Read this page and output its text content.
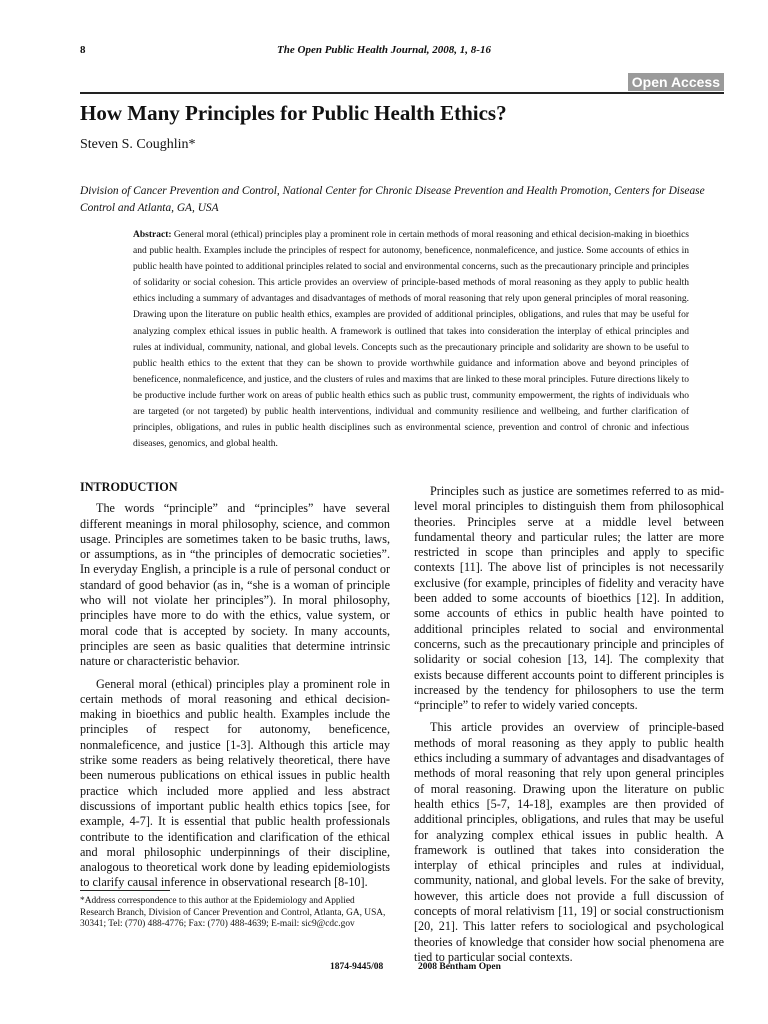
8	The Open Public Health Journal, 2008, 1, 8-16
Open Access
How Many Principles for Public Health Ethics?
Steven S. Coughlin*
Division of Cancer Prevention and Control, National Center for Chronic Disease Prevention and Health Promotion, Centers for Disease Control and Atlanta, GA, USA
Abstract: General moral (ethical) principles play a prominent role in certain methods of moral reasoning and ethical decision-making in bioethics and public health. Examples include the principles of respect for autonomy, beneficence, nonmaleficence, and justice. Some accounts of ethics in public health have pointed to additional principles related to social and environmental concerns, such as the precautionary principle and principles of solidarity or social cohesion. This article provides an overview of principle-based methods of moral reasoning as they apply to public health ethics including a summary of advantages and disadvantages of methods of moral reasoning that rely upon general principles of moral reasoning. Drawing upon the literature on public health ethics, examples are provided of additional principles, obligations, and rules that may be useful for analyzing complex ethical issues in public health. A framework is outlined that takes into consideration the interplay of ethical principles and rules at individual, community, national, and global levels. Concepts such as the precautionary principle and solidarity are shown to be useful to public health ethics to the extent that they can be shown to provide worthwhile guidance and information above and beyond principles of beneficence, nonmaleficence, and justice, and the clusters of rules and maxims that are linked to these moral principles. Future directions likely to be productive include further work on areas of public health ethics such as public trust, community empowerment, the rights of individuals who are targeted (or not targeted) by public health interventions, individual and community resilience and wellbeing, and further clarification of principles, obligations, and rules in public health disciplines such as environmental science, prevention and control of chronic and infectious diseases, genomics, and global health.
INTRODUCTION

The words “principle” and “principles” have several different meanings in moral philosophy, science, and common usage. Principles are sometimes taken to be basic truths, laws, or assumptions, as in “the principles of democratic societies”. In everyday English, a principle is a rule of personal conduct or standard of good behavior (as in, “she is a woman of principle who will not violate her principles”). In moral philosophy, principles have more to do with the ethics, value system, or moral code that is accepted by society. In many accounts, principles are seen as basic qualities that determine intrinsic nature or characteristic behavior.

General moral (ethical) principles play a prominent role in certain methods of moral reasoning and ethical decision-making in bioethics and public health. Examples include the principles of respect for autonomy, beneficence, nonmaleficence, and justice [1-3]. Although this article may strike some readers as being relatively theoretical, there have been numerous publications on ethical issues in public health practice which included more applied and less abstract discussions of important public health ethics topics [see, for example, 4-7]. It is essential that public health professionals contribute to the identification and clarification of the ethical and moral philosophic underpinnings of their discipline, analogous to theoretical work done by leading epidemiologists to clarify causal inference in observational research [8-10].

Principles such as justice are sometimes referred to as mid-level moral principles to distinguish them from philosophical theories. Principles serve at a middle level between fundamental theory and particular rules; the latter are more restricted in scope than principles and apply to specific contexts [11]. The above list of principles is not necessarily exclusive (for example, principles of fidelity and veracity have been added to some accounts of bioethics [12]. In addition, some accounts of ethics in public health have pointed to additional principles related to social and environmental concerns, such as the precautionary principle and principles of solidarity or social cohesion [13, 14]. The complexity that exists because different accounts point to different principles is increased by the tendency for philosophers to use the term “principle” to refer to widely varied concepts.

This article provides an overview of principle-based methods of moral reasoning as they apply to public health ethics including a summary of advantages and disadvantages of methods of moral reasoning that rely upon general principles of moral reasoning. Drawing upon the literature on public health ethics [5-7, 14-18], examples are then provided of additional principles, obligations, and rules that may be useful for analyzing complex ethical issues in public health. A framework is outlined that takes into consideration the interplay of ethical principles and rules at individual, community, national, and global levels. For the sake of brevity, however, this article does not provide a full discussion of concepts of moral relativism [11, 19] or social constructionism [20, 21]. This latter refers to sociological and psychological theories of knowledge that consider how social phenomena are tied to particular social contexts.

*Address correspondence to this author at the Epidemiology and Applied Research Branch, Division of Cancer Prevention and Control, Atlanta, GA, USA, 30341; Tel: (770) 488-4776; Fax: (770) 488-4639; E-mail: sic9@cdc.gov
1874-9445/08	2008 Bentham Open
